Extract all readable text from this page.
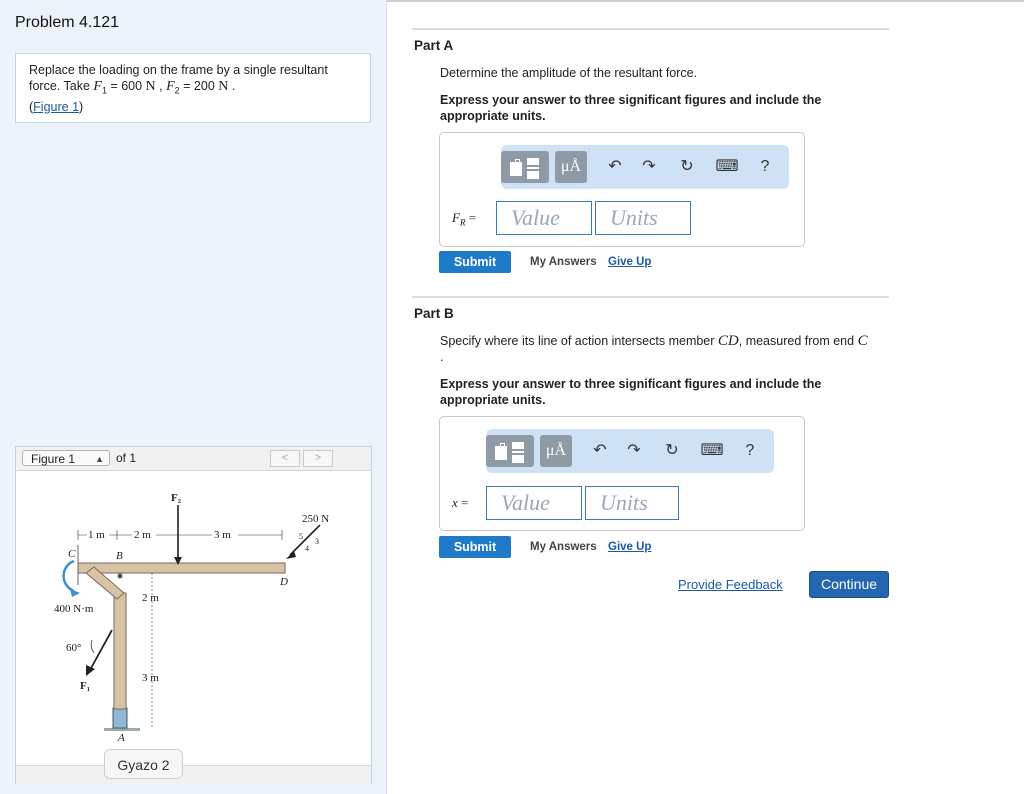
Problem 4.121
Replace the loading on the frame by a single resultant force. Take $F_1 = 600$ N , $F_2 = 200$ N .
(Figure 1)
Figure 1 ▲ of 1	<	>
1 m	2 m	3 m
F₂
250 N
5
3
4
C	B
D
400 N·m
2 m
3 m
60°
F₁
A
Gyazo 2
Part A
Determine the amplitude of the resultant force.
Express your answer to three significant figures and include the appropriate units.
μÅ	↶	↷	↻	⌨	?
$F_R$ =	Value	Units
Submit	My Answers Give Up
Part B
Specify where its line of action intersects member CD, measured from end C
.
Express your answer to three significant figures and include the appropriate units.
μÅ	↶	↷	↻	⌨	?
x =	Value	Units
Submit	My Answers Give Up
Provide Feedback	Continue
